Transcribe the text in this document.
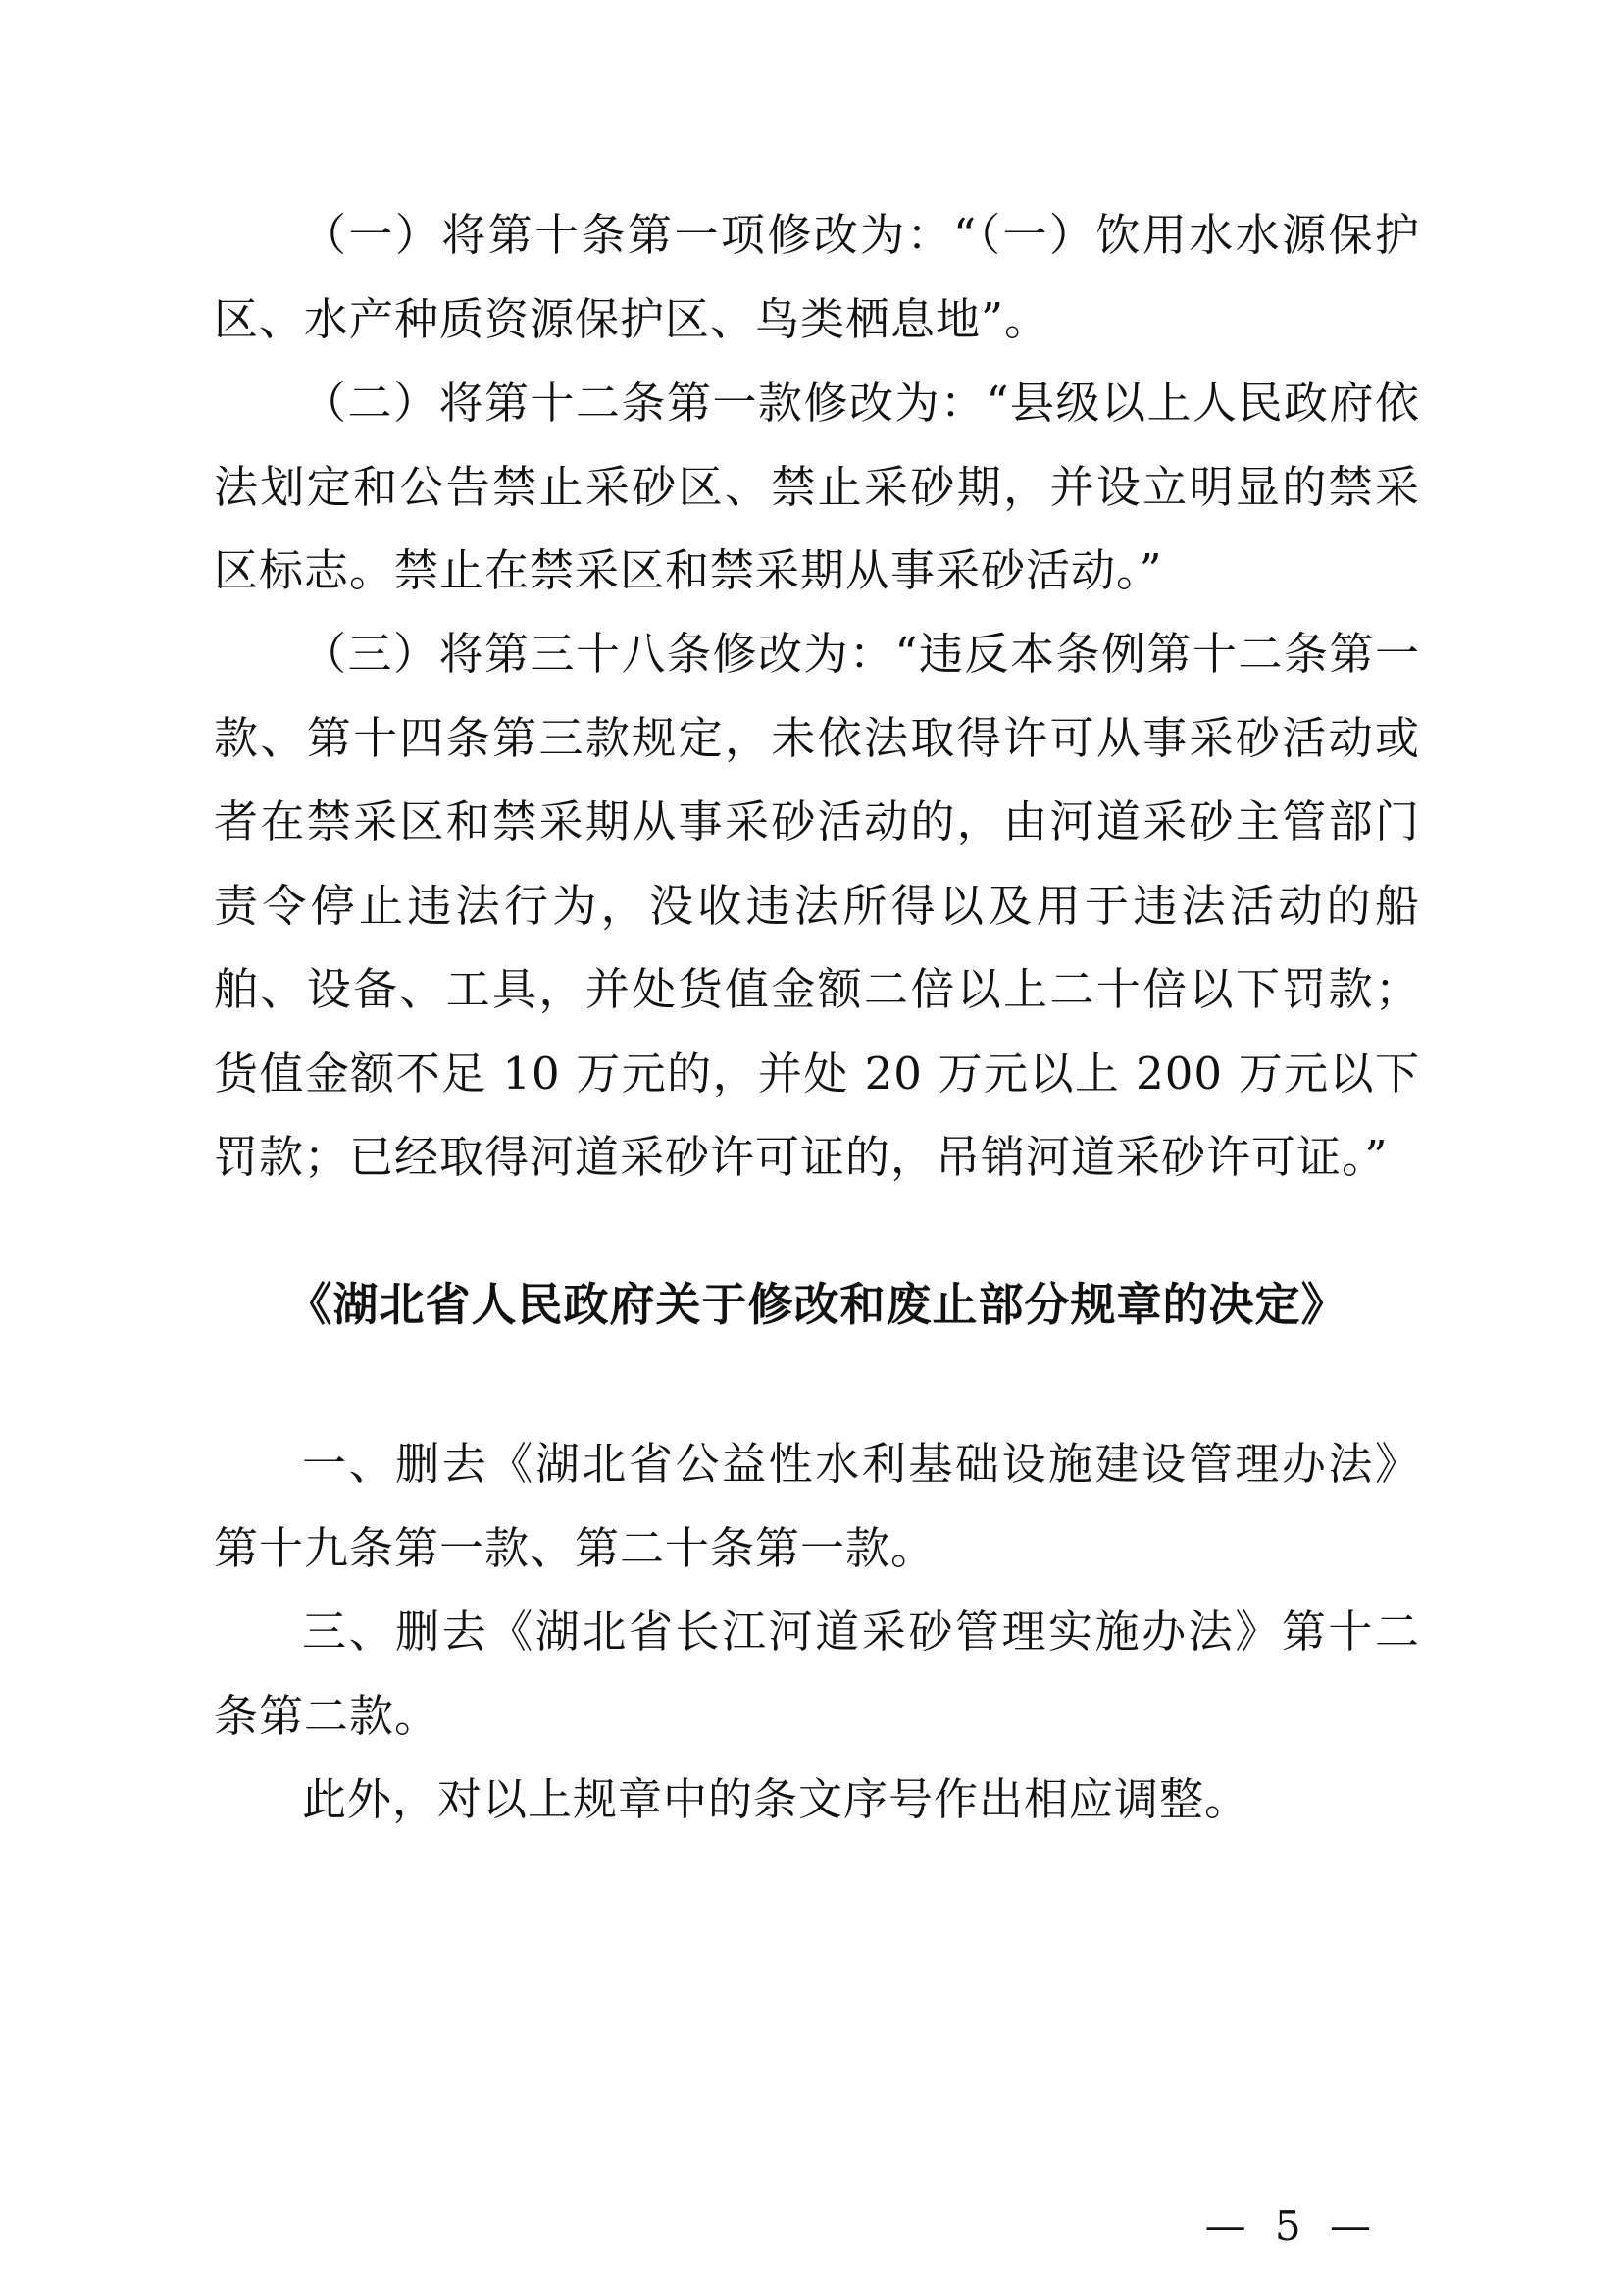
（一）将第十条第一项修改为：“（一）饮用水水源保护区、水产种质资源保护区、鸟类栖息地”。

（二）将第十二条第一款修改为：“县级以上人民政府依法划定和公告禁止采砂区、禁止采砂期，并设立明显的禁采区标志。禁止在禁采区和禁采期从事采砂活动。”

（三）将第三十八条修改为：“违反本条例第十二条第一款、第十四条第三款规定，未依法取得许可从事采砂活动或者在禁采区和禁采期从事采砂活动的，由河道采砂主管部门责令停止违法行为，没收违法所得以及用于违法活动的船舶、设备、工具，并处货值金额二倍以上二十倍以下罚款；货值金额不足 10 万元的，并处 20 万元以上 200 万元以下罚款；已经取得河道采砂许可证的，吊销河道采砂许可证。”

《湖北省人民政府关于修改和废止部分规章的决定》

一、删去《湖北省公益性水利基础设施建设管理办法》第十九条第一款、第二十条第一款。

三、删去《湖北省长江河道采砂管理实施办法》第十二条第二款。

此外，对以上规章中的条文序号作出相应调整。

— 5 —
